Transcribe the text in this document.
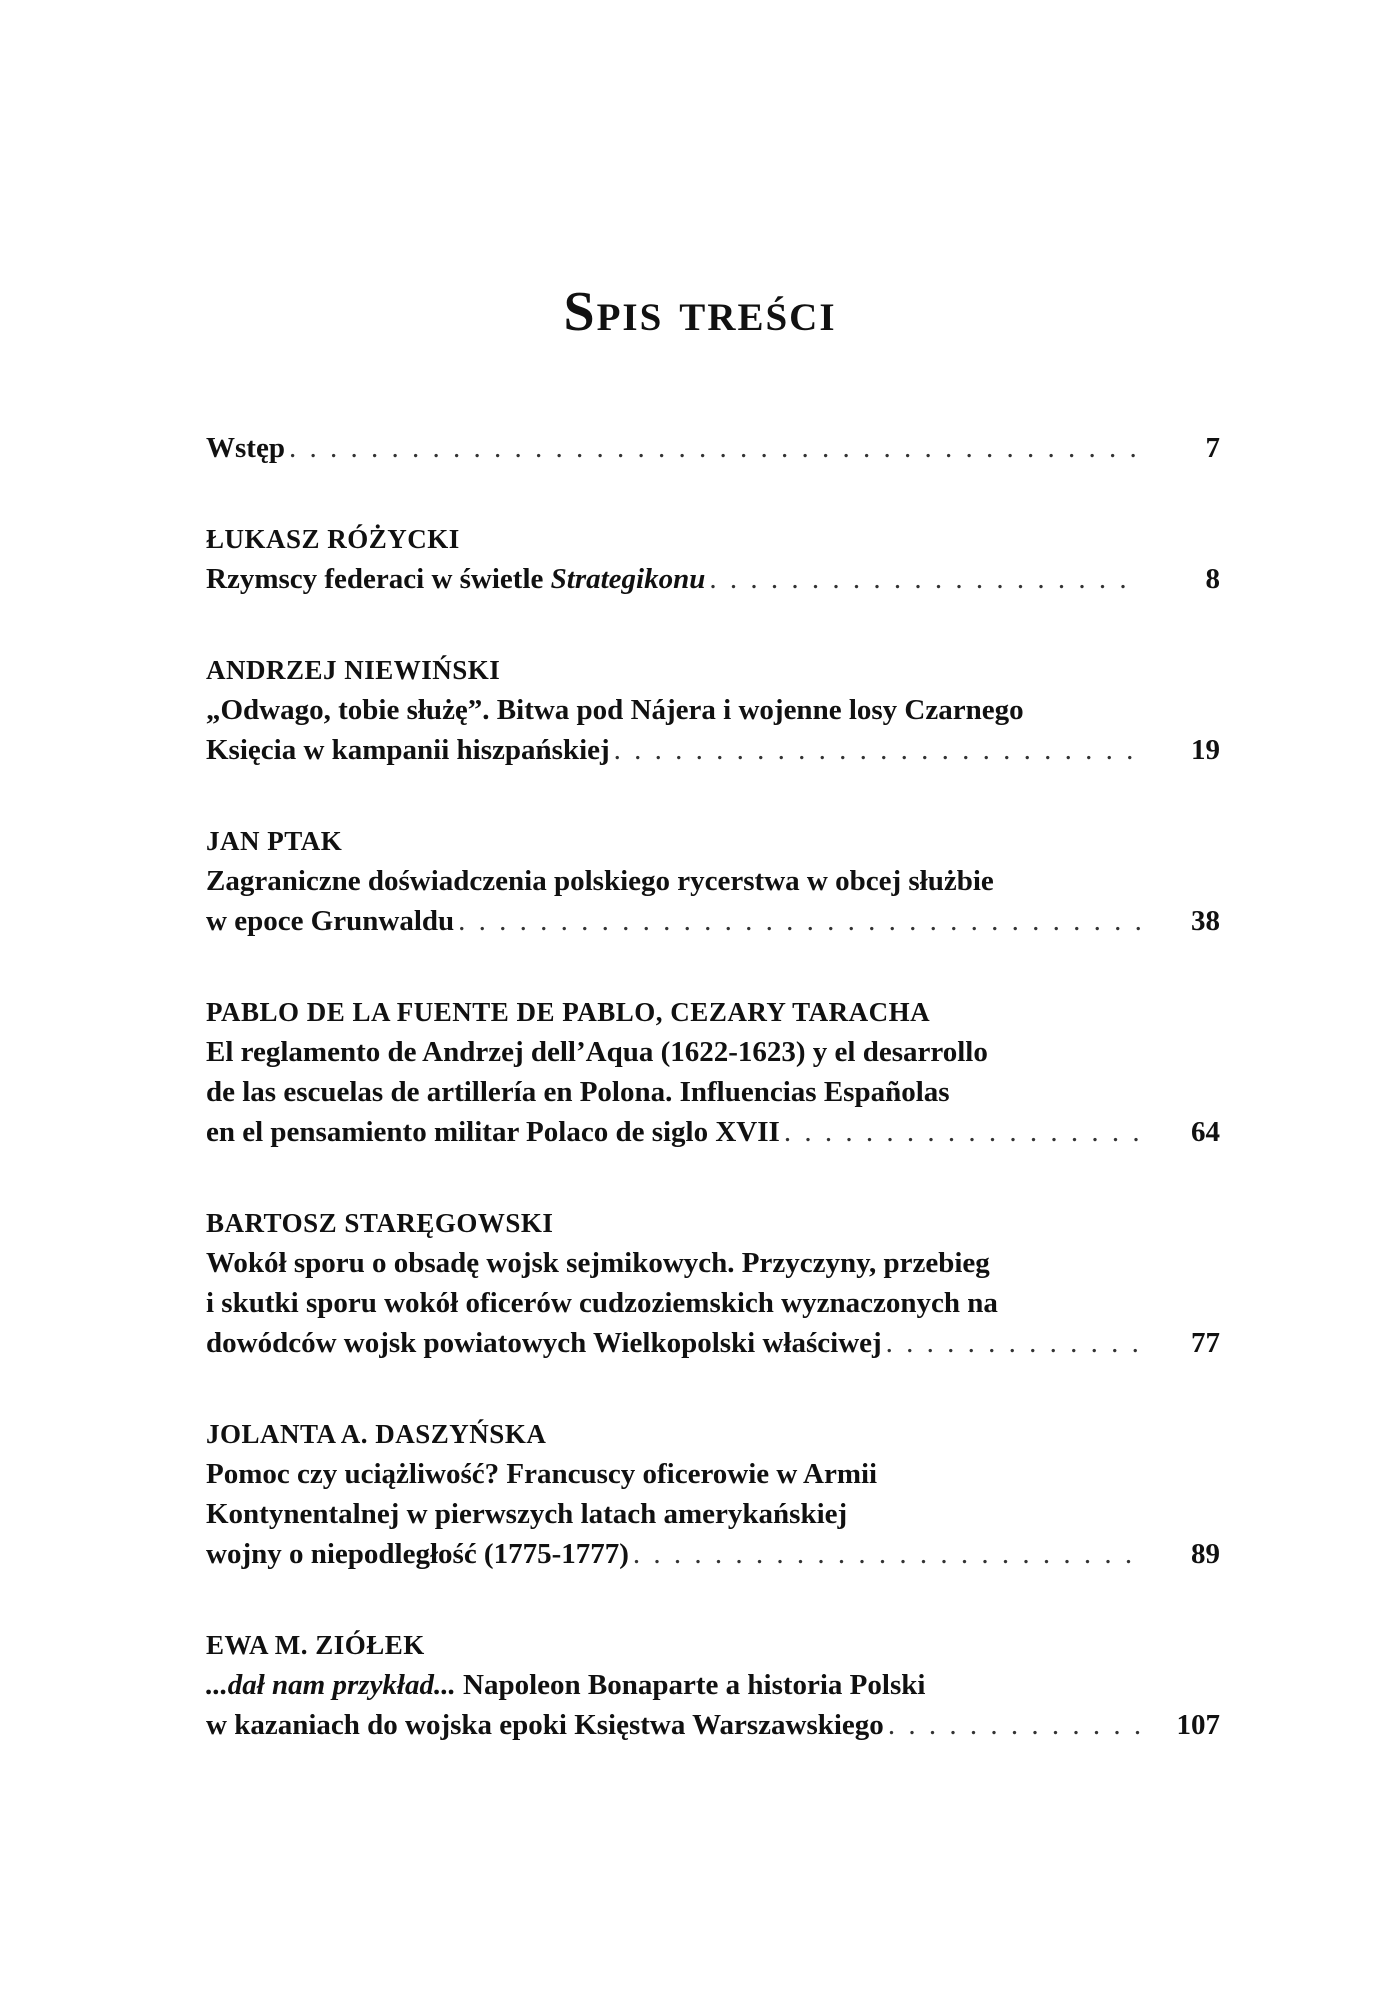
Spis treści
Wstęp . . .	7
ŁUKASZ RÓŻYCKI
Rzymscy federaci w świetle Strategikonu . . .	8
ANDRZEJ NIEWIŃSKI
„Odwago, tobie służę”. Bitwa pod Nájera i wojenne losy Czarnego
Księcia w kampanii hiszpańskiej . . .	19
JAN PTAK
Zagraniczne doświadczenia polskiego rycerstwa w obcej służbie
w epoce Grunwaldu . . .	38
PABLO DE LA FUENTE DE PABLO, CEZARY TARACHA
El reglamento de Andrzej dell’Aqua (1622-1623) y el desarrollo
de las escuelas de artillería en Polona. Influencias Españolas
en el pensamiento militar Polaco de siglo XVII . . .	64
BARTOSZ STARĘGOWSKI
Wokół sporu o obsadę wojsk sejmikowych. Przyczyny, przebieg
i skutki sporu wokół oficerów cudzoziemskich wyznaczonych na
dowódców wojsk powiatowych Wielkopolski właściwej . . .	77
JOLANTA A. DASZYŃSKA
Pomoc czy uciążliwość? Francuscy oficerowie w Armii
Kontynentalnej w pierwszych latach amerykańskiej
wojny o niepodległość (1775-1777) . . .	89
EWA M. ZIÓŁEK
...dał nam przykład... Napoleon Bonaparte a historia Polski
w kazaniach do wojska epoki Księstwa Warszawskiego . . .	107
